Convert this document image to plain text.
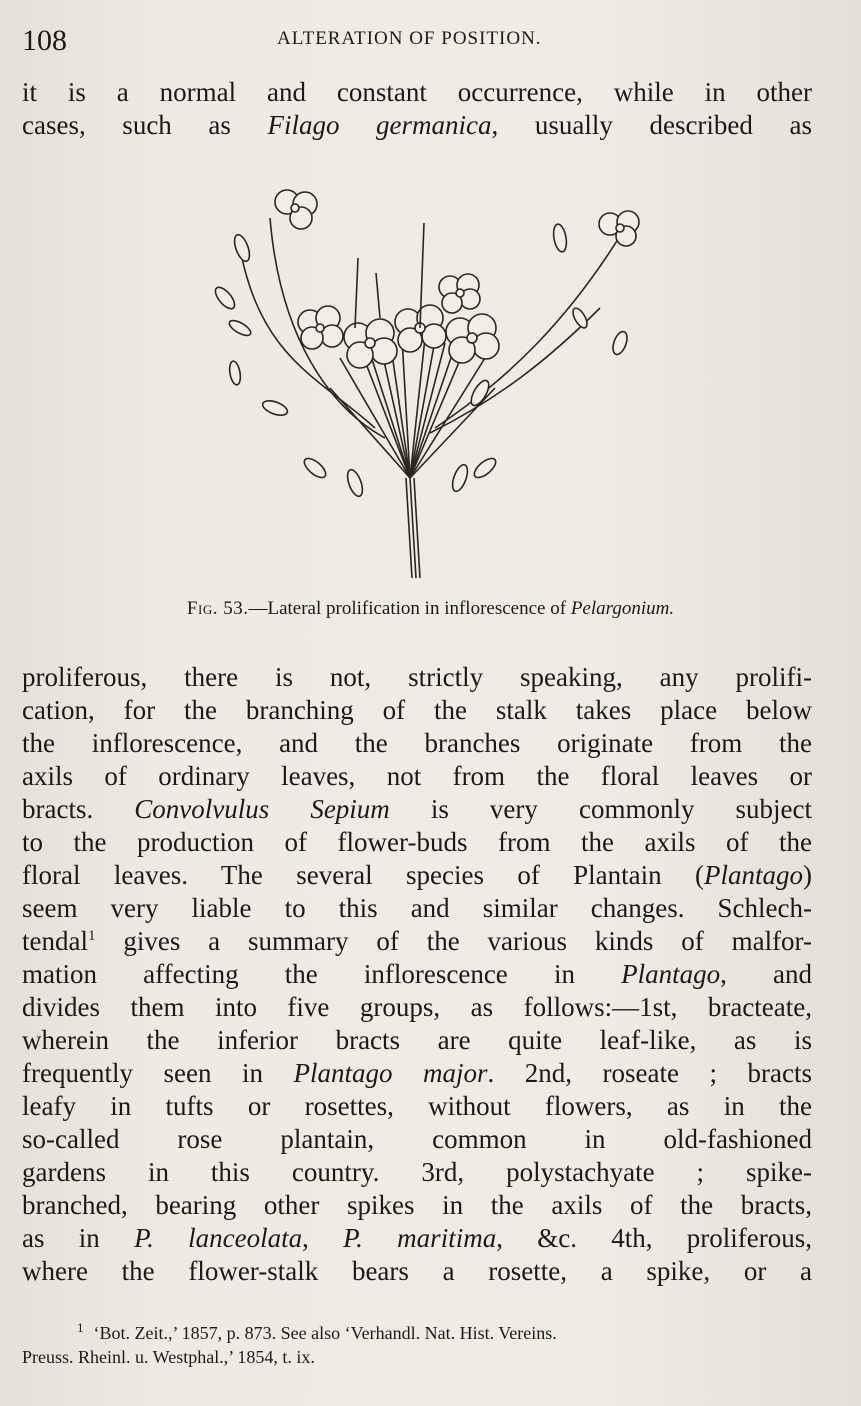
108	ALTERATION OF POSITION.
it is a normal and constant occurrence, while in other
cases, such as Filago germanica, usually described as
Fig. 53.—Lateral prolification in inflorescence of Pelargonium.
proliferous, there is not, strictly speaking, any prolifi-
cation, for the branching of the stalk takes place below
the inflorescence, and the branches originate from the
axils of ordinary leaves, not from the floral leaves or
bracts. Convolvulus Sepium is very commonly subject
to the production of flower-buds from the axils of the
floral leaves. The several species of Plantain (Plantago)
seem very liable to this and similar changes. Schlech-
tendal$^1$ gives a summary of the various kinds of malfor-
mation affecting the inflorescence in Plantago, and
divides them into five groups, as follows:—1st, bracteate,
wherein the inferior bracts are quite leaf-like, as is
frequently seen in Plantago major. 2nd, roseate ; bracts
leafy in tufts or rosettes, without flowers, as in the
so-called rose plantain, common in old-fashioned
gardens in this country. 3rd, polystachyate ; spike-
branched, bearing other spikes in the axils of the bracts,
as in P. lanceolata, P. maritima, &c. 4th, proliferous,
where the flower-stalk bears a rosette, a spike, or a
$^1$ ‘Bot. Zeit.,’ 1857, p. 873. See also ‘Verhandl. Nat. Hist. Vereins.
Preuss. Rheinl. u. Westphal.,’ 1854, t. ix.
